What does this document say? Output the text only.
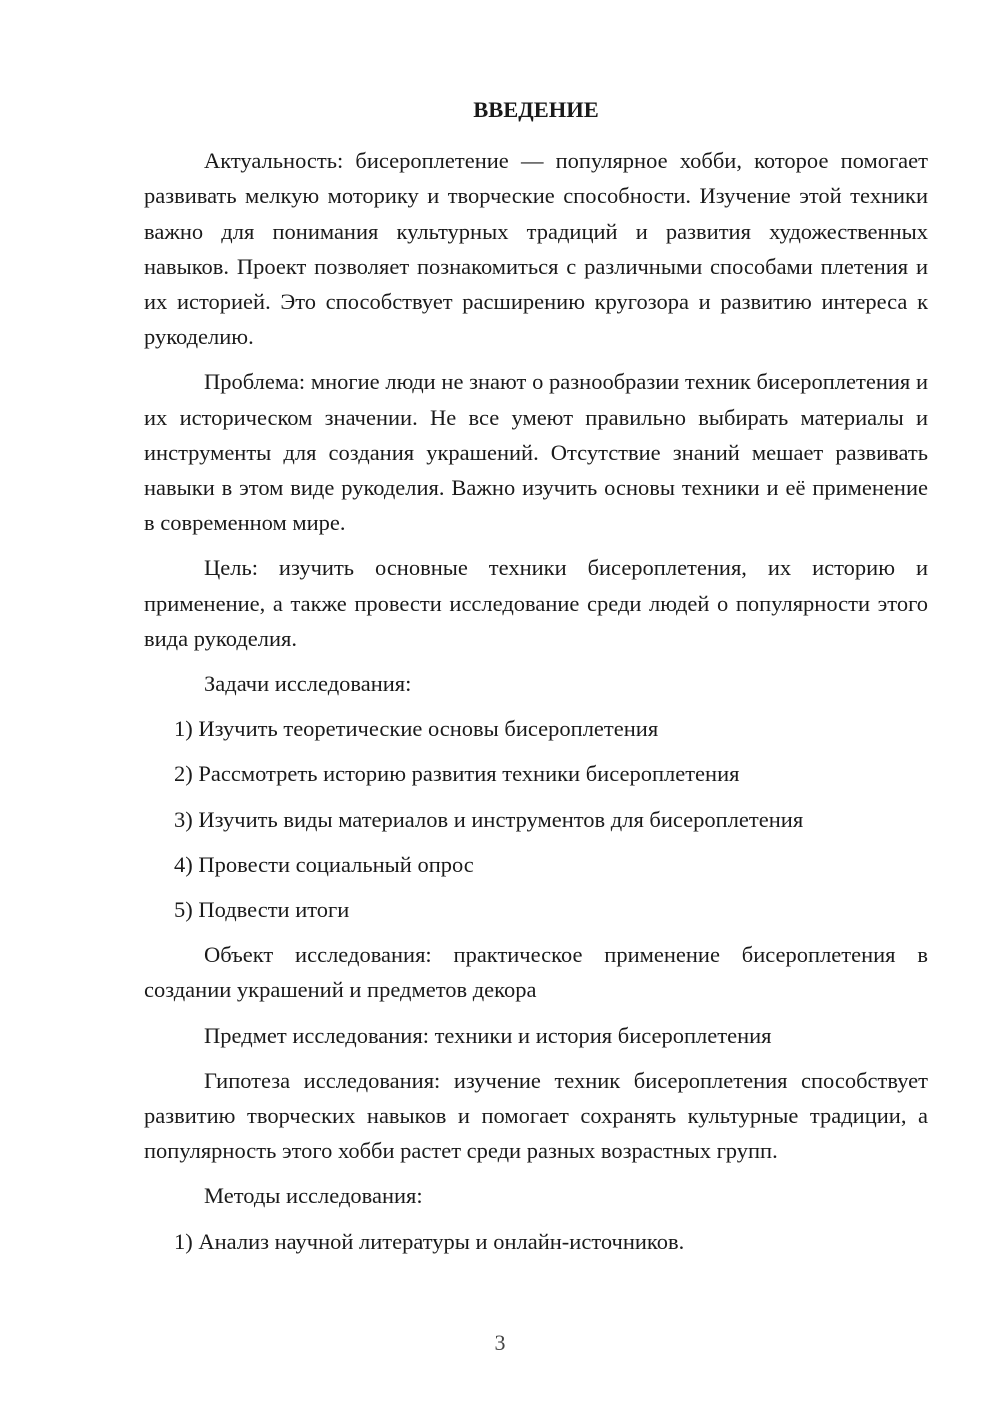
ВВЕДЕНИЕ

Актуальность: бисероплетение — популярное хобби, которое помогает развивать мелкую моторику и творческие способности. Изучение этой техники важно для понимания культурных традиций и развития художественных навыков. Проект позволяет познакомиться с различными способами плетения и их историей. Это способствует расширению кругозора и развитию интереса к рукоделию.

Проблема: многие люди не знают о разнообразии техник бисероплетения и их историческом значении. Не все умеют правильно выбирать материалы и инструменты для создания украшений. Отсутствие знаний мешает развивать навыки в этом виде рукоделия. Важно изучить основы техники и её применение в современном мире.

Цель: изучить основные техники бисероплетения, их историю и применение, а также провести исследование среди людей о популярности этого вида рукоделия.

Задачи исследования:

1) Изучить теоретические основы бисероплетения
2) Рассмотреть историю развития техники бисероплетения
3) Изучить виды материалов и инструментов для бисероплетения
4) Провести социальный опрос
5) Подвести итоги

Объект исследования: практическое применение бисероплетения в создании украшений и предметов декора

Предмет исследования: техники и история бисероплетения

Гипотеза исследования: изучение техник бисероплетения способствует развитию творческих навыков и помогает сохранять культурные традиции, а популярность этого хобби растет среди разных возрастных групп.

Методы исследования:

1) Анализ научной литературы и онлайн-источников.
3
